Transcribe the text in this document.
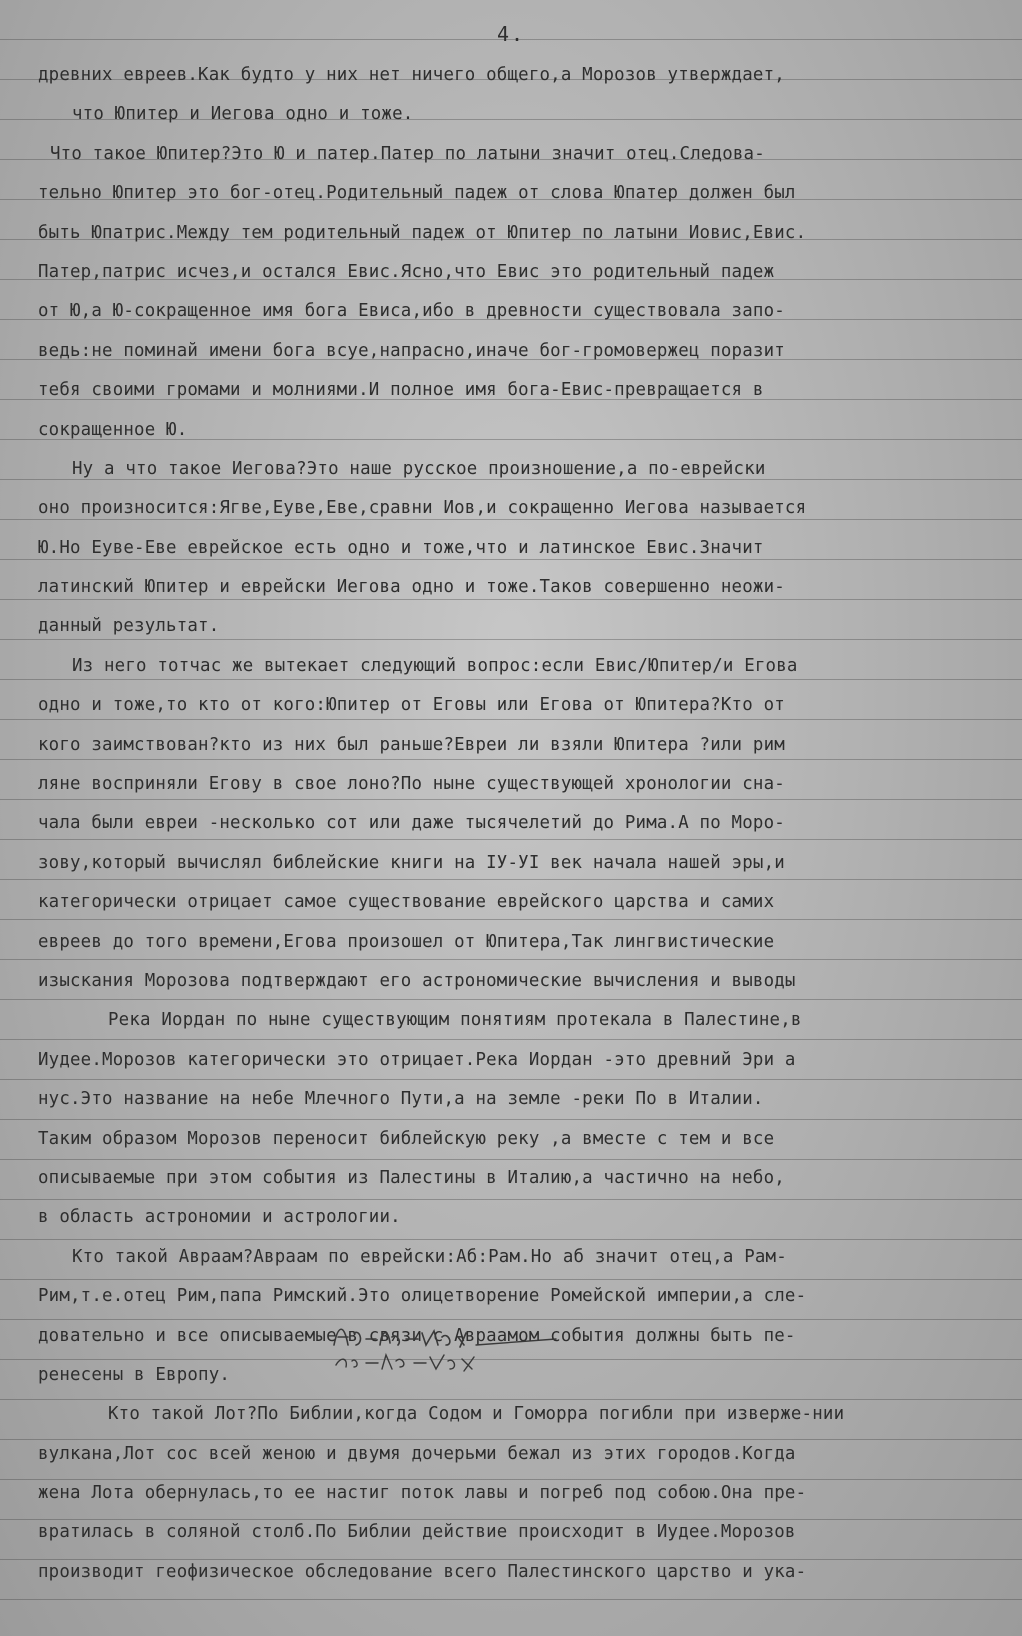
4.
древних евреев.Как будто у них нет ничего общего,а Морозов утверждает,
что Юпитер и Иегова одно и тоже.
Что такое Юпитер?Это Ю и патер.Патер по латыни значит отец.Следова-
тельно Юпитер это бог-отец.Родительный падеж от слова Юпатер должен был
быть Юпатрис.Между тем родительный падеж от Юпитер по латыни Иовис,Евис.
Патер,патрис исчез,и остался Евис.Ясно,что Евис это родительный падеж
от Ю,а Ю-сокращенное имя бога Евиса,ибо в древности существовала запо-
ведь:не поминай имени бога всуе,напрасно,иначе бог-громовержец поразит
тебя своими громами и молниями.И полное имя бога-Евис-превращается в
сокращенное Ю.
Ну а что такое Иегова?Это наше русское произношение,а по-еврейски
оно произносится:Ягве,Еуве,Еве,сравни Иов,и сокращенно Иегова называется
Ю.Но Еуве-Еве еврейское есть одно и тоже,что и латинское Евис.Значит
латинский Юпитер и еврейски Иегова одно и тоже.Таков совершенно неожи-
данный результат.
Из него тотчас же вытекает следующий вопрос:если Евис/Юпитер/и Егова
одно и тоже,то кто от кого:Юпитер от Еговы или Егова от Юпитера?Кто от
кого заимствован?кто из них был раньше?Евреи ли взяли Юпитера ?или рим
ляне восприняли Егову в свое лоно?По ныне существующей хронологии сна-
чала были евреи -несколько сот или даже тысячелетий до Рима.А по Моро-
зову,который вычислял библейские книги на IУ-УI век начала нашей эры,и
категорически отрицает самое существование еврейского царства и самих
евреев до того времени,Егова произошел от Юпитера,Так лингвистические
изыскания Морозова подтверждают его астрономические вычисления и выводы
Река Иордан по ныне существующим понятиям протекала в Палестине,в
Иудее.Морозов категорически это отрицает.Река Иордан -это древний Эри а
нус.Это название на небе Млечного Пути,а на земле -реки По в Италии.
Таким образом Морозов переносит библейскую реку ,а вместе с тем и все
описываемые при этом события из Палестины в Италию,а частично на небо,
в область астрономии и астрологии.
Кто такой Авраам?Авраам по еврейски:Аб:Рам.Но аб значит отец,а Рам-
Рим,т.е.отец Рим,папа Римский.Это олицетворение Ромейской империи,а сле-
довательно и все описываемые в связи с Авраамом события должны быть пе-
ренесены в Европу.
Кто такой Лот?По Библии,когда Содом и Гоморра погибли при изверже-нии
вулкана,Лот сос всей женою и двумя дочерьми бежал из этих городов.Когда
жена Лота обернулась,то ее настиг поток лавы и погреб под собою.Она пре-
вратилась в соляной столб.По Библии действие происходит в Иудее.Морозов
производит геофизическое обследование всего Палестинского царство и ука-
